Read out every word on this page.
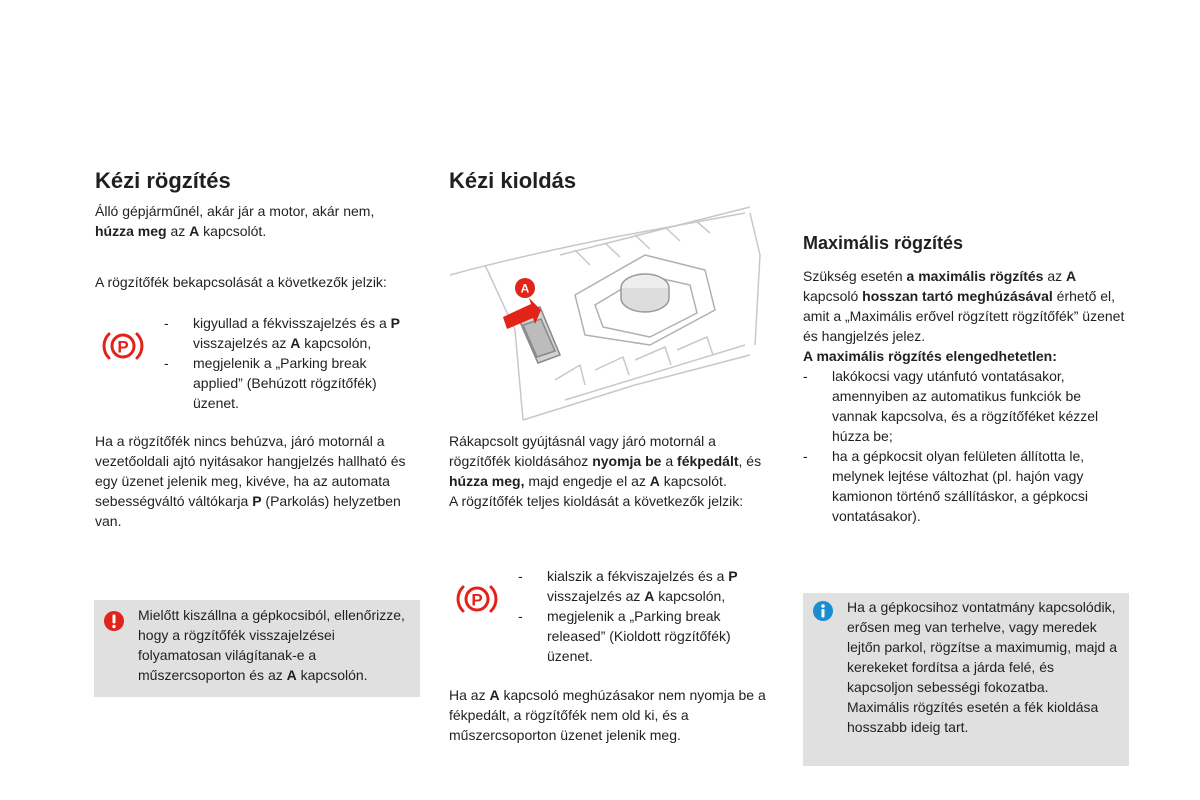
Kézi rögzítés

Álló gépjárműnél, akár jár a motor, akár nem,
húzza meg az A kapcsolót.

A rögzítőfék bekapcsolását a következők jelzik:

- kigyullad a fékvisszajelzés és a P visszajelzés az A kapcsolón,
- megjelenik a „Parking break applied” (Behúzott rögzítőfék) üzenet.

Ha a rögzítőfék nincs behúzva, járó motornál a vezetőoldali ajtó nyitásakor hangjelzés hallható és egy üzenet jelenik meg, kivéve, ha az automata sebességváltó váltókarja P (Parkolás) helyzetben van.

Mielőtt kiszállna a gépkocsiból, ellenőrizze, hogy a rögzítőfék visszajelzései folyamatosan világítanak-e a műszercsoporton és az A kapcsolón.

Kézi kioldás
A

Rákapcsolt gyújtásnál vagy járó motornál a rögzítőfék kioldásához nyomja be a fékpedált, és húzza meg, majd engedje el az A kapcsolót.
A rögzítőfék teljes kioldását a következők jelzik:

- kialszik a fékviszajelzés és a P visszajelzés az A kapcsolón,
- megjelenik a „Parking break released” (Kioldott rögzítőfék) üzenet.

Ha az A kapcsoló meghúzásakor nem nyomja be a fékpedált, a rögzítőfék nem old ki, és a műszercsoporton üzenet jelenik meg.

Maximális rögzítés

Szükség esetén a maximális rögzítés az A kapcsoló hosszan tartó meghúzásával érhető el, amit a „Maximális erővel rögzített rögzítőfék” üzenet és hangjelzés jelez.
A maximális rögzítés elengedhetetlen:

- lakókocsi vagy utánfutó vontatásakor, amennyiben az automatikus funkciók be vannak kapcsolva, és a rögzítőféket kézzel húzza be;
- ha a gépkocsit olyan felületen állította le, melynek lejtése változhat (pl. hajón vagy kamionon történő szállításkor, a gépkocsi vontatásakor).

Ha a gépkocsihoz vontatmány kapcsolódik, erősen meg van terhelve, vagy meredek lejtőn parkol, rögzítse a maximumig, majd a kerekeket fordítsa a járda felé, és kapcsoljon sebességi fokozatba.
Maximális rögzítés esetén a fék kioldása hosszabb ideig tart.
